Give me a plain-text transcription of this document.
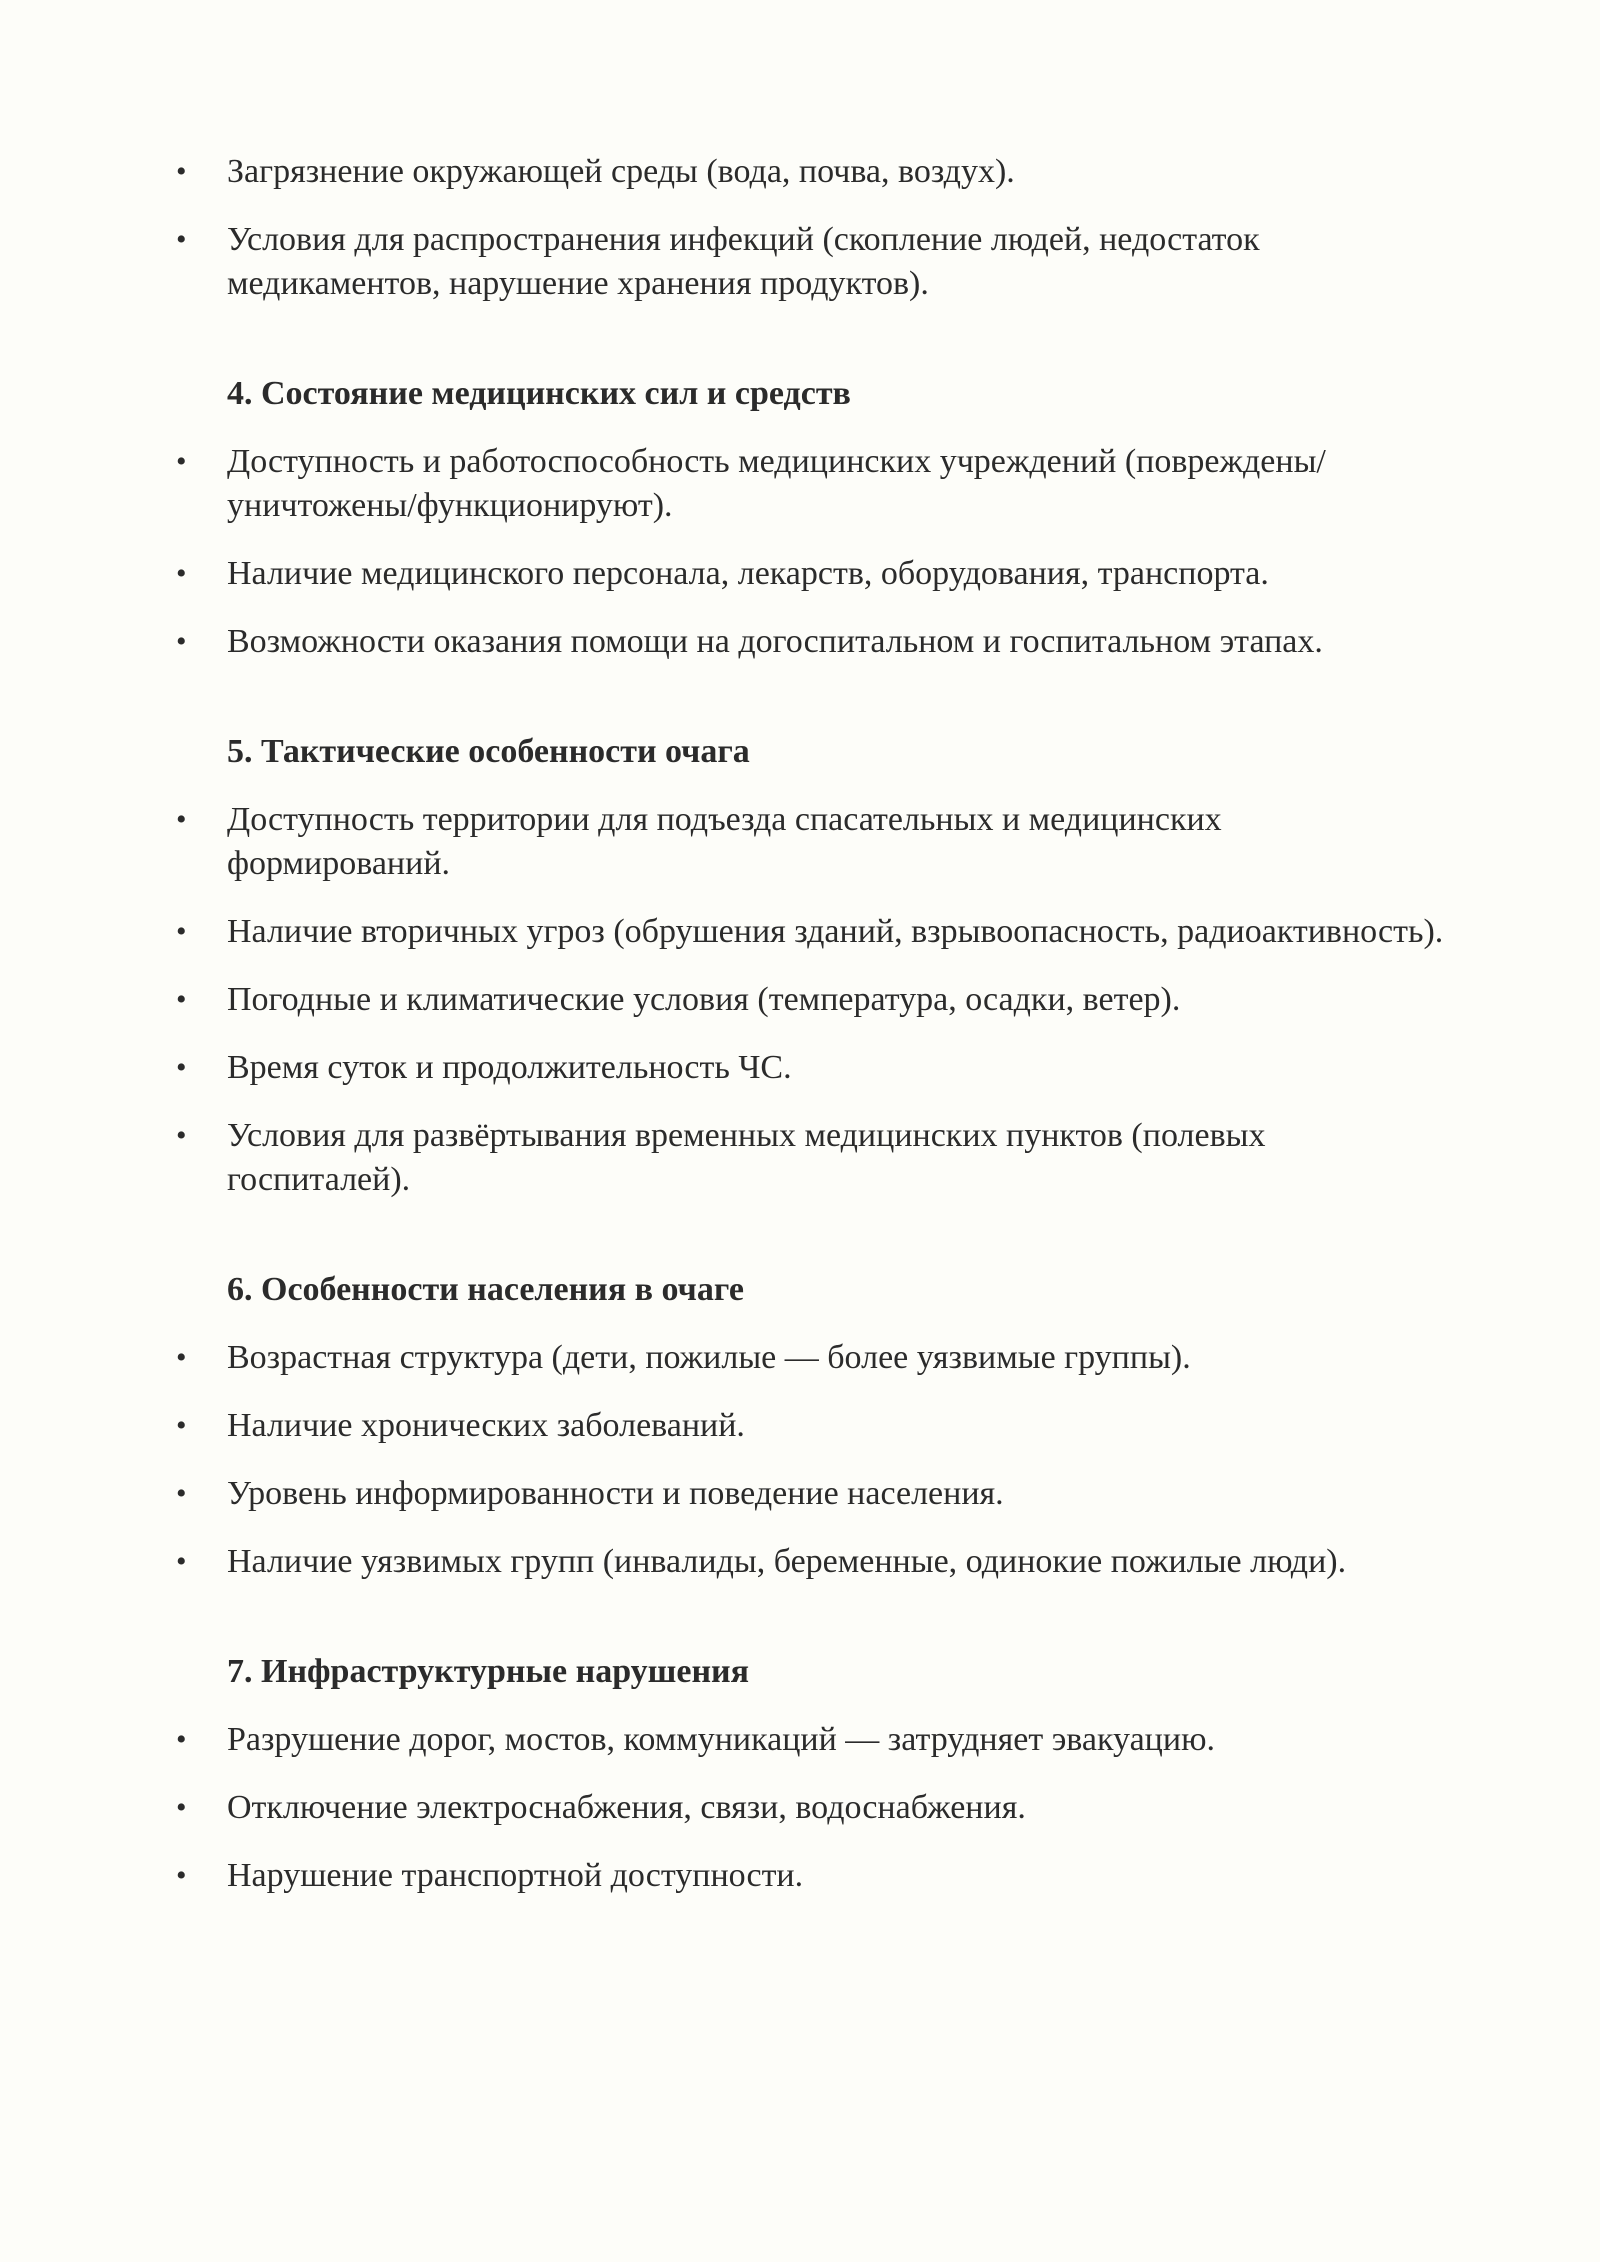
•	Загрязнение окружающей среды (вода, почва, воздух).
•	Условия для распространения инфекций (скопление людей, недостаток медикаментов, нарушение хранения продуктов).
4. Состояние медицинских сил и средств
•	Доступность и работоспособность медицинских учреждений (повреждены/уничтожены/функционируют).
•	Наличие медицинского персонала, лекарств, оборудования, транспорта.
•	Возможности оказания помощи на догоспитальном и госпитальном этапах.
5. Тактические особенности очага
•	Доступность территории для подъезда спасательных и медицинских формирований.
•	Наличие вторичных угроз (обрушения зданий, взрывоопасность, радиоактивность).
•	Погодные и климатические условия (температура, осадки, ветер).
•	Время суток и продолжительность ЧС.
•	Условия для развёртывания временных медицинских пунктов (полевых госпиталей).
6. Особенности населения в очаге
•	Возрастная структура (дети, пожилые — более уязвимые группы).
•	Наличие хронических заболеваний.
•	Уровень информированности и поведение населения.
•	Наличие уязвимых групп (инвалиды, беременные, одинокие пожилые люди).
7. Инфраструктурные нарушения
•	Разрушение дорог, мостов, коммуникаций — затрудняет эвакуацию.
•	Отключение электроснабжения, связи, водоснабжения.
•	Нарушение транспортной доступности.
